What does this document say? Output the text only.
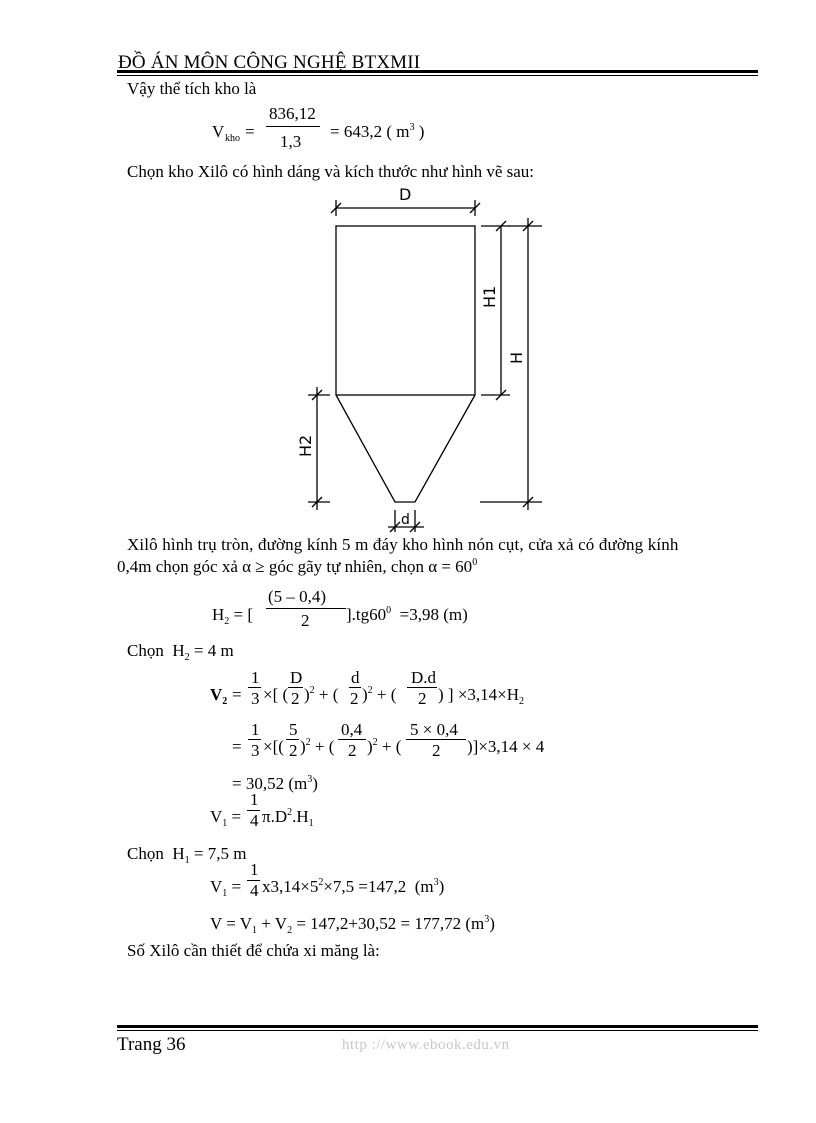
ĐỒ ÁN MÔN CÔNG NGHỆ BTXMII
Vậy thể tích kho là
V kho =
836,12
1,3
= 643,2 ( $m^3$ )
Chọn kho Xilô có hình dáng và kích thước như hình vẽ sau:
D
H1
H
H2
d
Xilô hình trụ tròn, đường kính 5 m đáy kho hình nón cụt, cửa xả có đường kính
0,4m chọn góc xả α ≥ góc gãy tự nhiên, chọn $\alpha = 60^0$
$H_2$ = [
(5 – 0,4)
2 ]$.tg60^0 =3,98$ (m)
Chọn  $H_2 = 4$ m
$V_2$ =
1
3 ×[ (
D
2 )$^2$ + (
d
2 )$^2$ + (
D.d
2 ) ] $\times 3,14\times H_2$
=
1
3 ×[(
5
2 )$^2$ + (
0,4
2 )$^2$ + (
5 × 0,4
2 )]×3,14 × 4
= 30,52 $(m^3)$
$V_1$ =
1
4 $\pi.D^2.H_1$
Chọn  $H_1 = 7,5$ m
$V_1$ =
1
4 $x3,14\times 5^2\times 7,5 =147,2$  $(m^3)$
$V = V_1 + V_2 = 147,2+30,52 = 177,72$ $(m^3)$
Số Xilô cần thiết để chứa xi măng là:
Trang 36	http ://www.ebook.edu.vn
